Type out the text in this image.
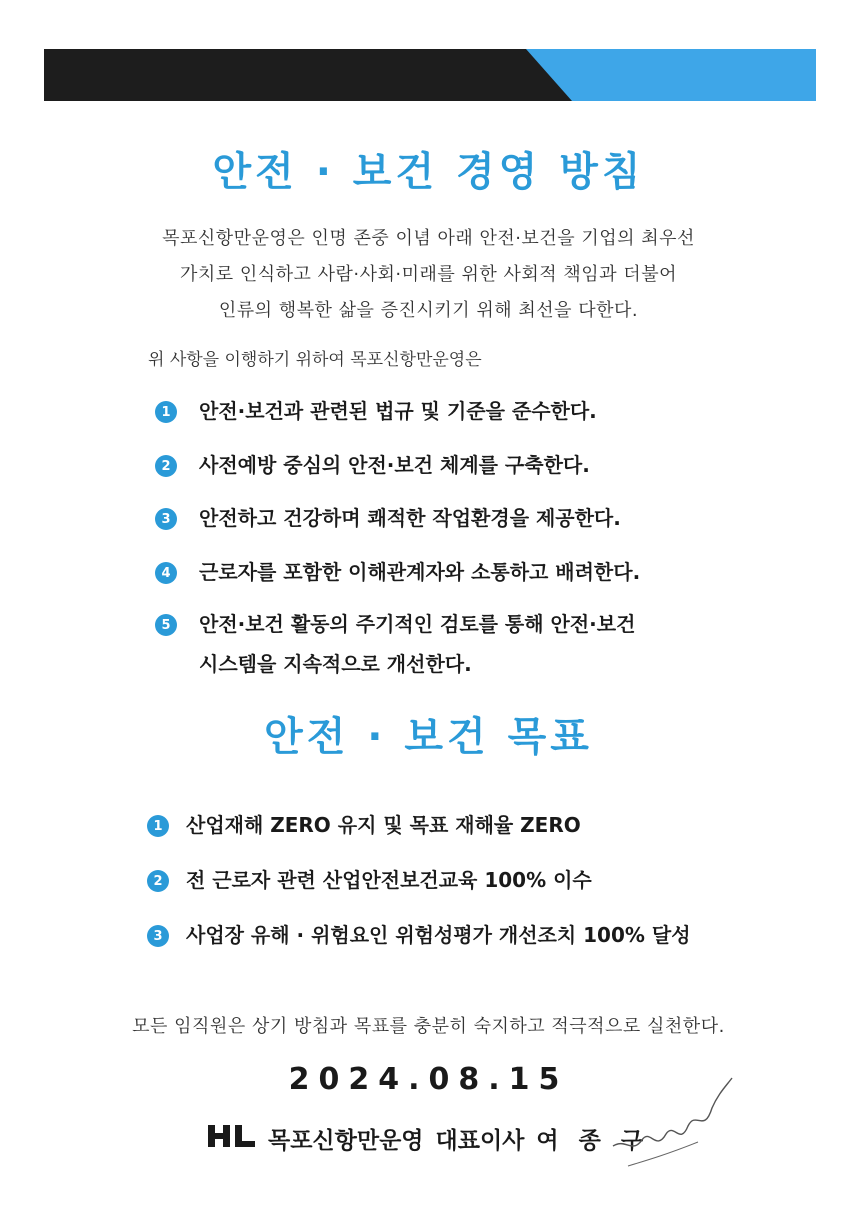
안전 · 보건 경영 방침
목포신항만운영은 인명 존중 이념 아래 안전·보건을 기업의 최우선
가치로 인식하고 사람·사회·미래를 위한 사회적 책임과 더불어
인류의 행복한 삶을 증진시키기 위해 최선을 다한다.
위 사항을 이행하기 위하여 목포신항만운영은
1	안전·보건과 관련된 법규 및 기준을 준수한다.
2	사전예방 중심의 안전·보건 체계를 구축한다.
3	안전하고 건강하며 쾌적한 작업환경을 제공한다.
4	근로자를 포함한 이해관계자와 소통하고 배려한다.
5	안전·보건 활동의 주기적인 검토를 통해 안전·보건
시스템을 지속적으로 개선한다.
안전 · 보건 목표
1	산업재해 ZERO 유지 및 목표 재해율 ZERO
2	전 근로자 관련 산업안전보건교육 100% 이수
3	사업장 유해 · 위험요인 위험성평가 개선조치 100% 달성
모든 임직원은 상기 방침과 목표를 충분히 숙지하고 적극적으로 실천한다.
2024.08.15
목포신항만운영 대표이사 여 종 구
